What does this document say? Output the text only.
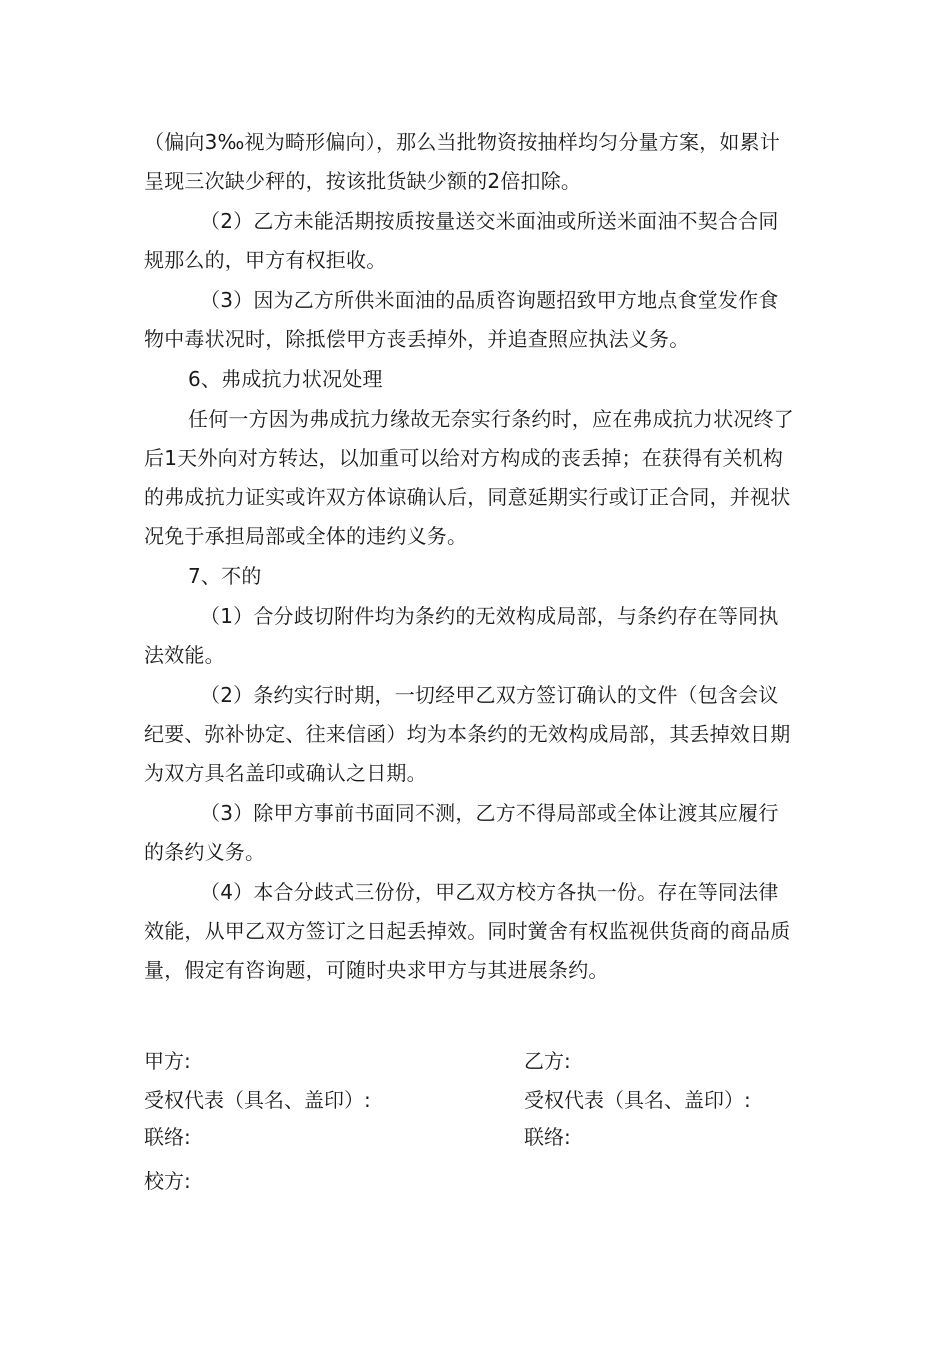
（偏向3‰视为畸形偏向），那么当批物资按抽样均匀分量方案，如累计呈现三次缺少秤的，按该批货缺少额的2倍扣除。

（2）乙方未能活期按质按量送交米面油或所送米面油不契合合同规那么的，甲方有权拒收。

（3）因为乙方所供米面油的品质咨询题招致甲方地点食堂发作食物中毒状况时，除抵偿甲方丧丢掉外，并追查照应执法义务。

6、弗成抗力状况处理

任何一方因为弗成抗力缘故无奈实行条约时，应在弗成抗力状况终了后1天外向对方转达，以加重可以给对方构成的丧丢掉；在获得有关机构的弗成抗力证实或许双方体谅确认后，同意延期实行或订正合同，并视状况免于承担局部或全体的违约义务。

7、不的

（1）合分歧切附件均为条约的无效构成局部，与条约存在等同执法效能。

（2）条约实行时期，一切经甲乙双方签订确认的文件（包含会议纪要、弥补协定、往来信函）均为本条约的无效构成局部，其丢掉效日期为双方具名盖印或确认之日期。

（3）除甲方事前书面同不测，乙方不得局部或全体让渡其应履行的条约义务。

（4）本合分歧式三份份，甲乙双方校方各执一份。存在等同法律效能，从甲乙双方签订之日起丢掉效。同时黉舍有权监视供货商的商品质量，假定有咨询题，可随时央求甲方与其进展条约。

甲方:	乙方:
受权代表（具名、盖印）:	受权代表（具名、盖印）:
联络:	联络:
校方:
